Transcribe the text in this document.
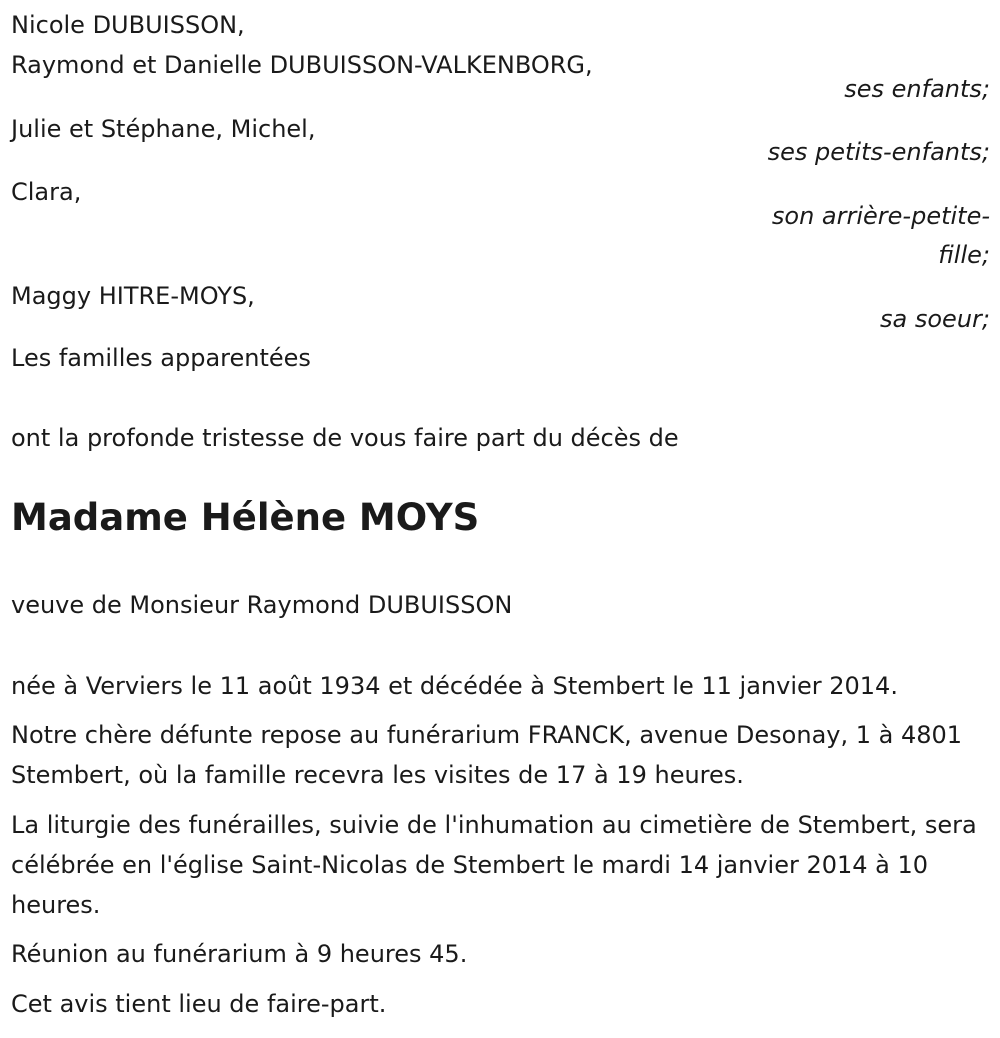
Nicole DUBUISSON,
Raymond et Danielle DUBUISSON-VALKENBORG,
ses enfants;
Julie et Stéphane, Michel,
ses petits-enfants;
Clara,
son arrière-petite-
fille;
Maggy HITRE-MOYS,
sa soeur;
Les familles apparentées
ont la profonde tristesse de vous faire part du décès de
Madame Hélène MOYS
veuve de Monsieur Raymond DUBUISSON
née à Verviers le 11 août 1934 et décédée à Stembert le 11 janvier 2014.
Notre chère défunte repose au funérarium FRANCK, avenue Desonay, 1 à 4801 Stembert, où la famille recevra les visites de 17 à 19 heures.
La liturgie des funérailles, suivie de l'inhumation au cimetière de Stembert, sera célébrée en l'église Saint-Nicolas de Stembert le mardi 14 janvier 2014 à 10 heures.
Réunion au funérarium à 9 heures 45.
Cet avis tient lieu de faire-part.
